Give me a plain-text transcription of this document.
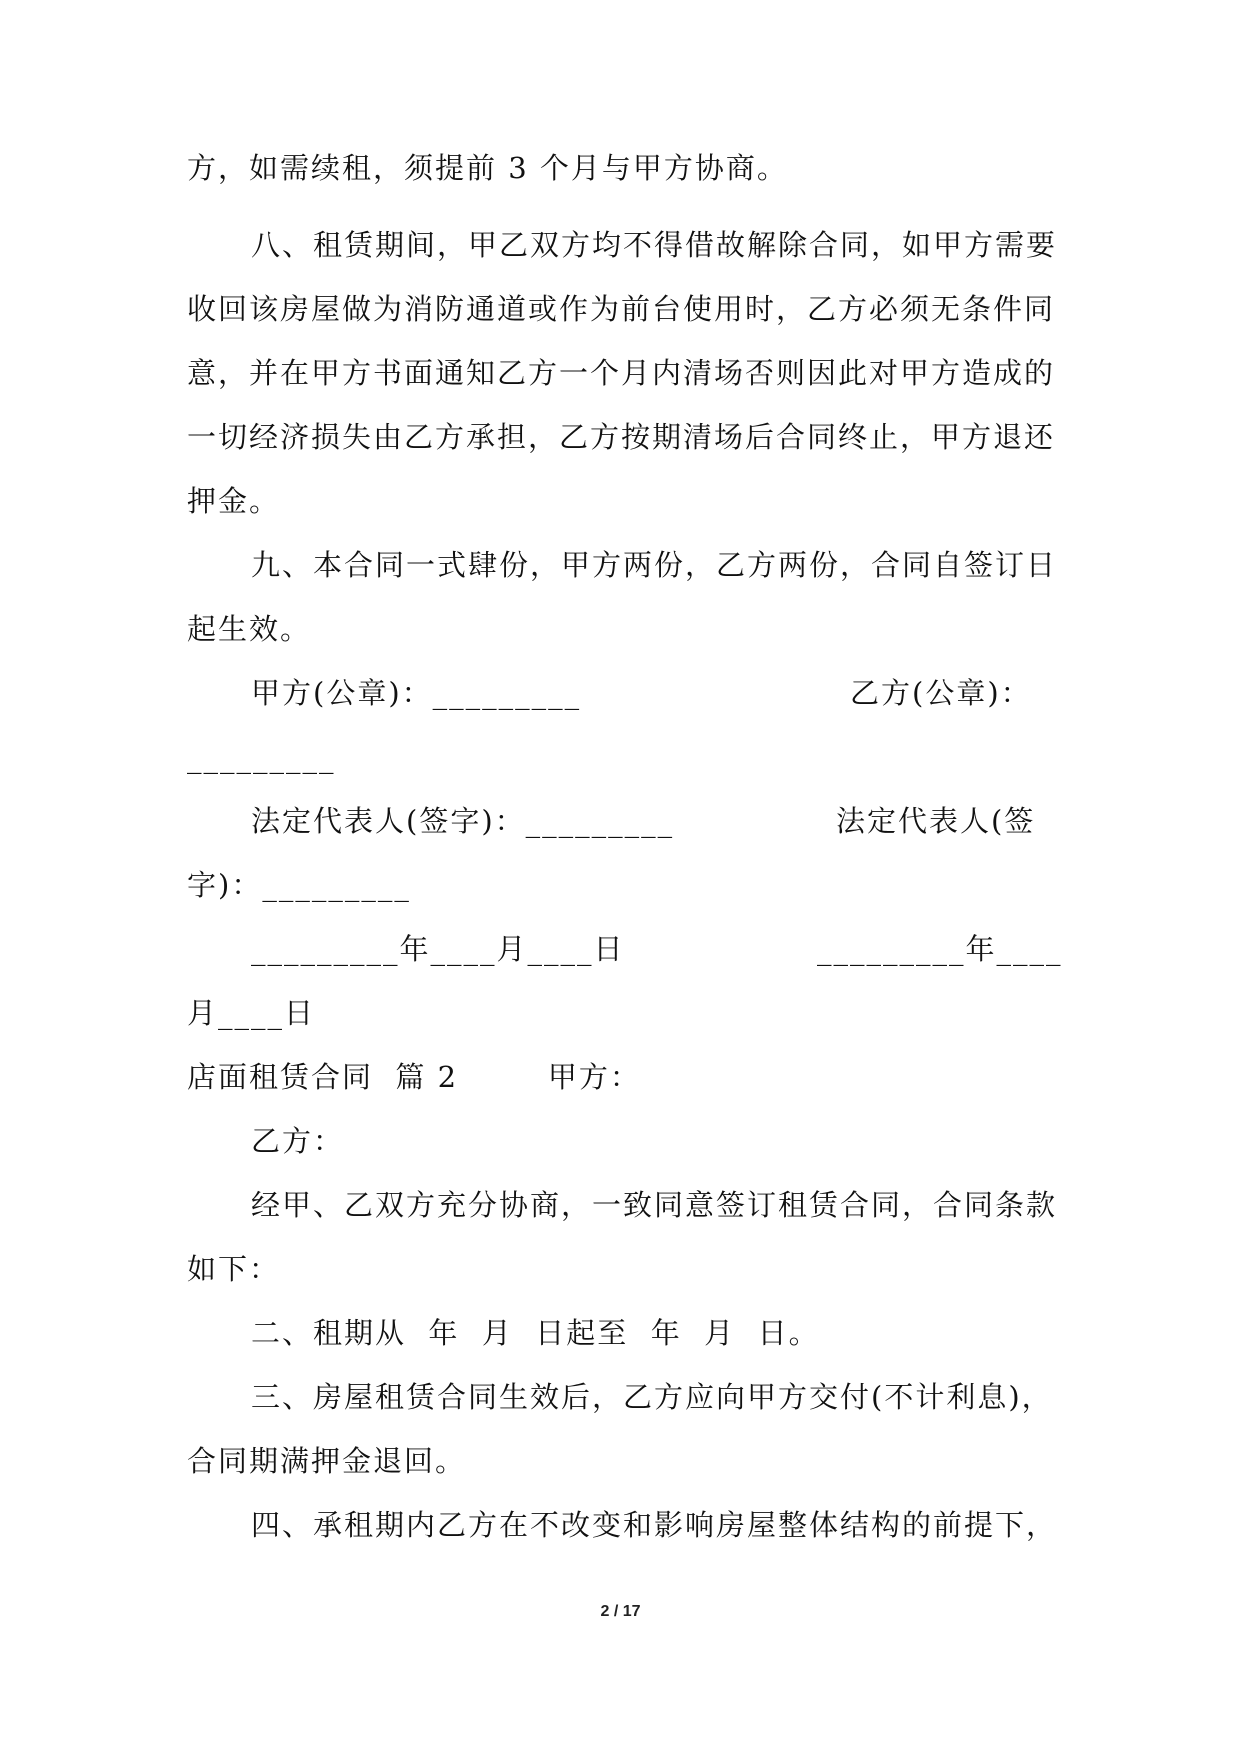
方，如需续租，须提前 3 个月与甲方协商。
八、租赁期间，甲乙双方均不得借故解除合同，如甲方需要
收回该房屋做为消防通道或作为前台使用时，乙方必须无条件同
意，并在甲方书面通知乙方一个月内清场否则因此对甲方造成的
一切经济损失由乙方承担，乙方按期清场后合同终止，甲方退还
押金。
九、本合同一式肆份，甲方两份，乙方两份，合同自签订日
起生效。
甲方(公章)：_________	乙方(公章)：
_________
法定代表人(签字)：_________	法定代表人(签
字)：_________
_________年____月____日	_________年____
月____日
店面租赁合同  篇 2        甲方：
乙方：
经甲、乙双方充分协商，一致同意签订租赁合同，合同条款
如下：
二、租期从  年  月  日起至  年  月  日。
三、房屋租赁合同生效后，乙方应向甲方交付(不计利息)，
合同期满押金退回。
四、承租期内乙方在不改变和影响房屋整体结构的前提下，
2 / 17
